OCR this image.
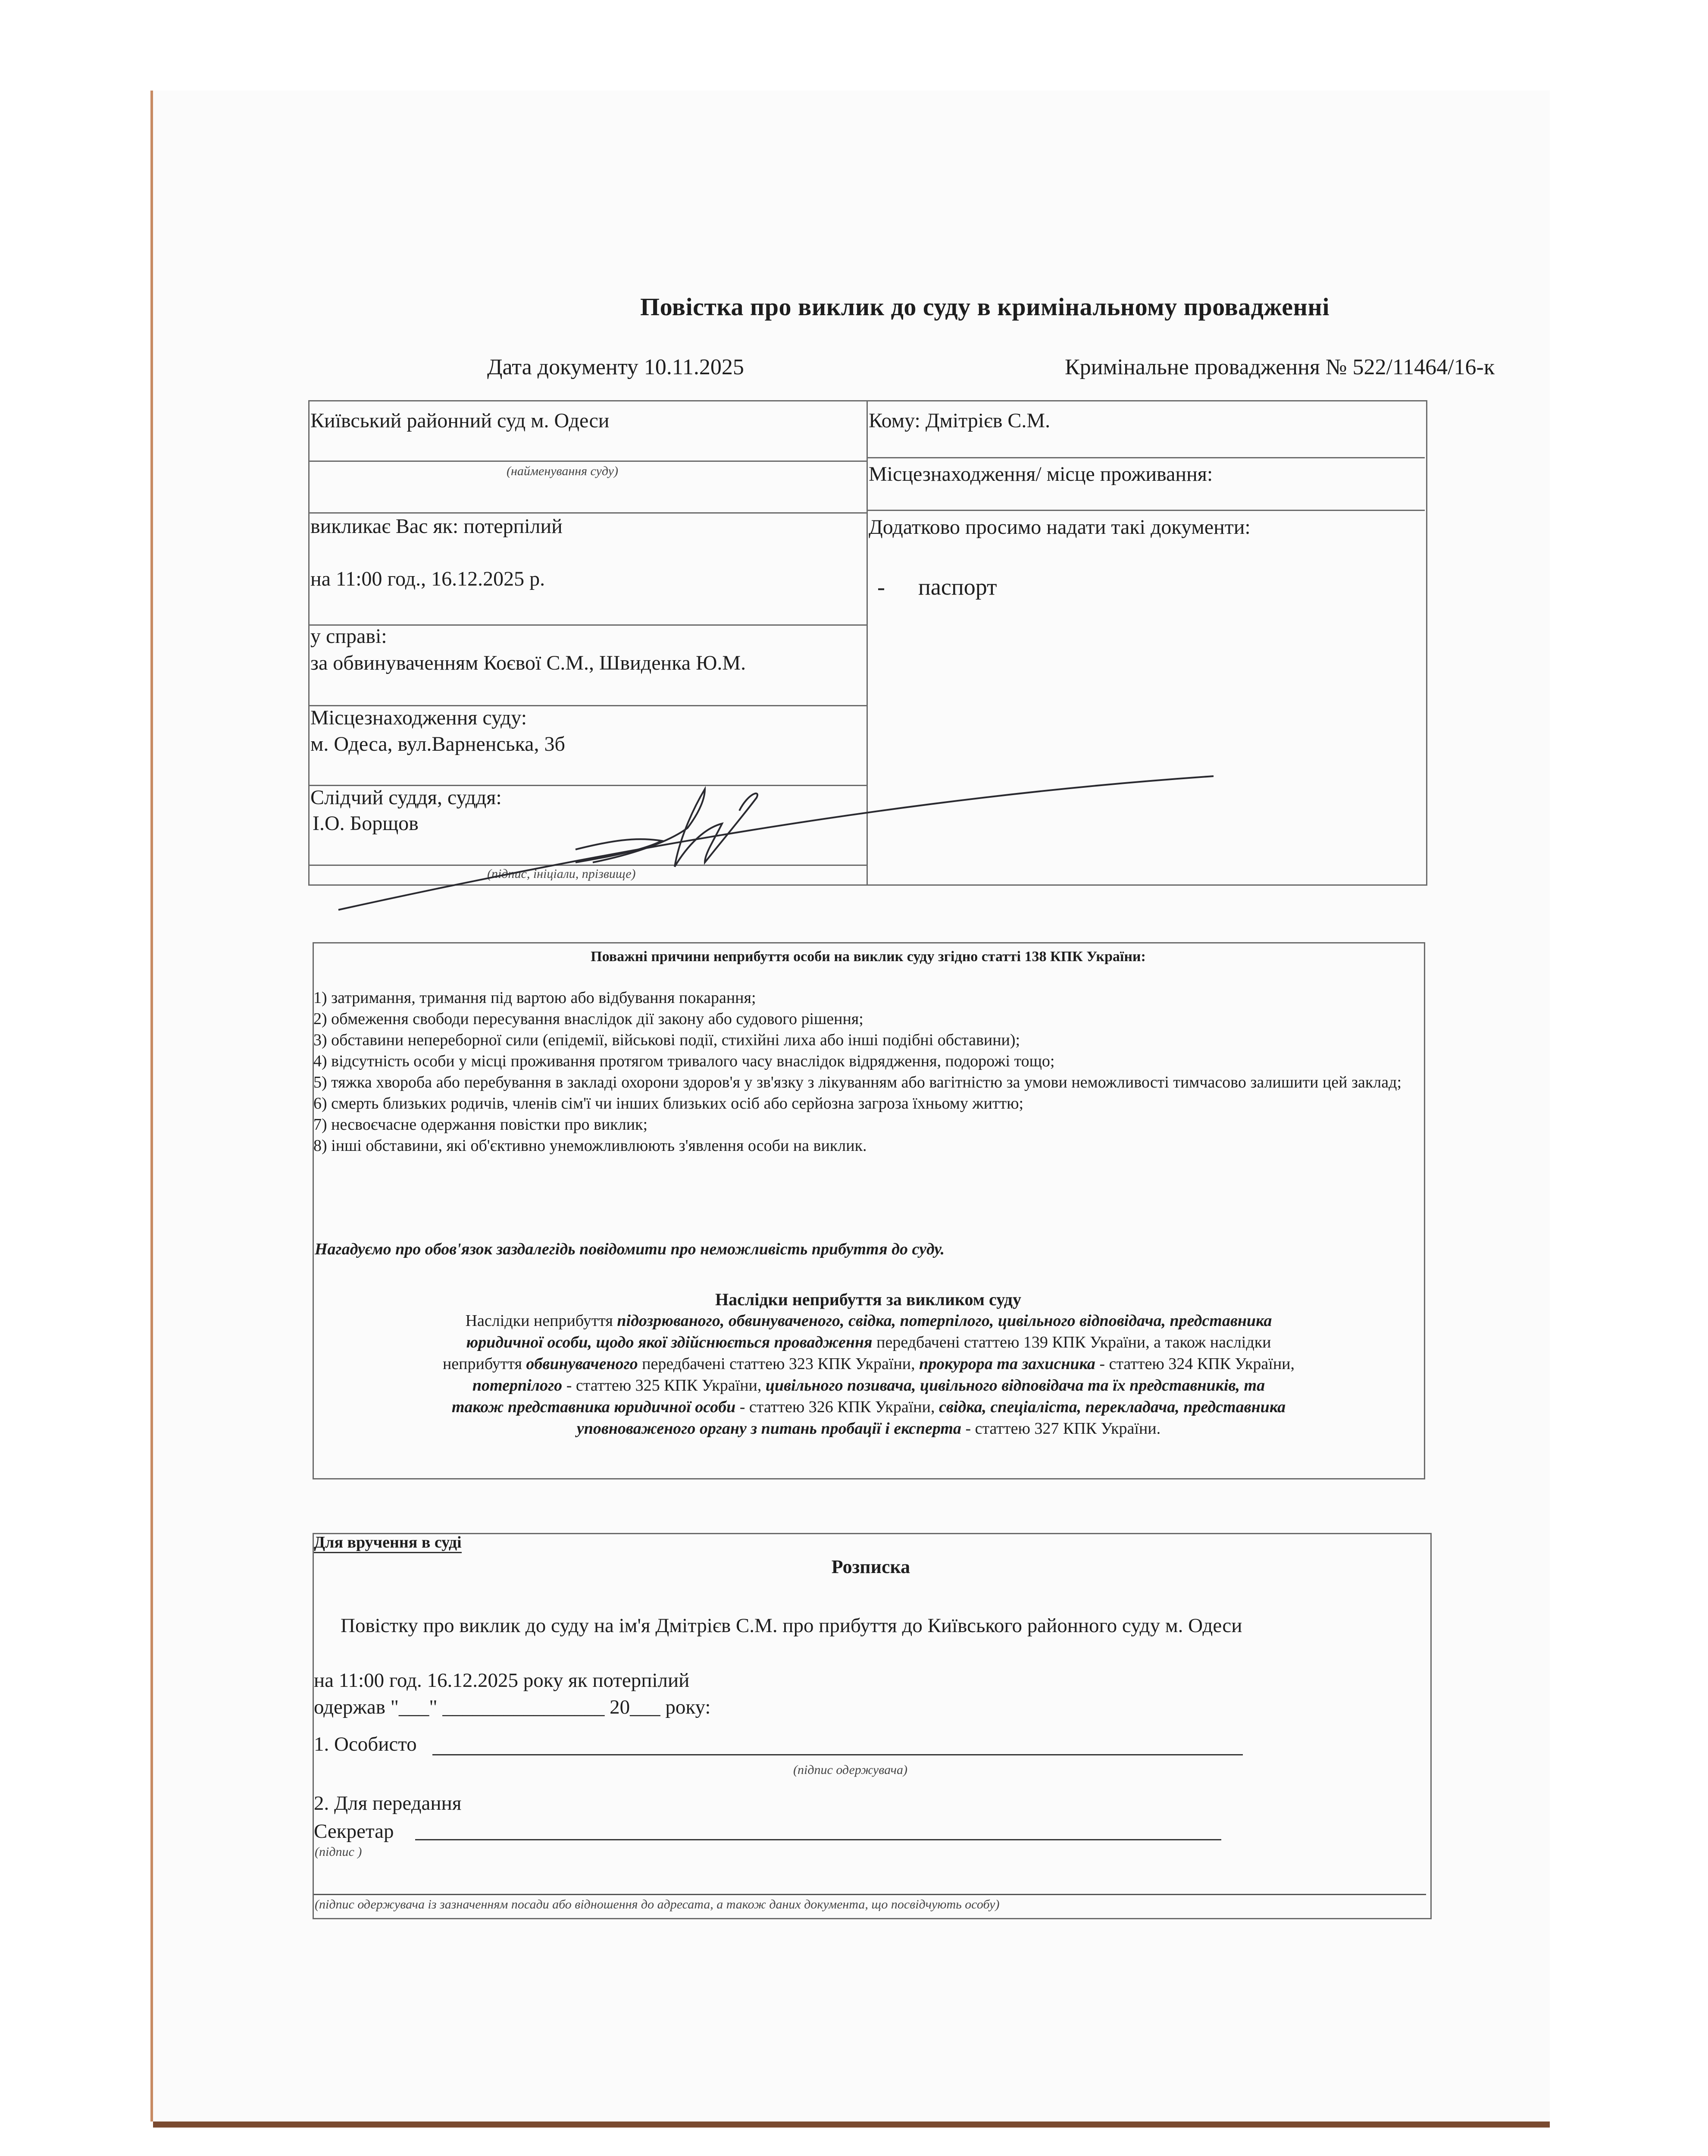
Повістка про виклик до суду в кримінальному провадженні
Дата документу 10.11.2025	Кримінальне провадження № 522/11464/16-к
Київський районний суд м. Одеси
(найменування суду)
викликає Вас як: потерпілий
на 11:00 год., 16.12.2025 р.
у справі:
за обвинуваченням Коєвої С.М., Швиденка Ю.М.
Місцезнаходження суду:
м. Одеса, вул.Варненська, 3б
Слідчий суддя, суддя:
І.О. Борщов
(підпис, ініціали, прізвище)
Кому: Дмітрієв С.М.
Місцезнаходження/ місце проживання:
Додатково просимо надати такі документи:
- паспорт
Поважні причини неприбуття особи на виклик суду згідно статті 138 КПК України:
1) затримання, тримання під вартою або відбування покарання;
2) обмеження свободи пересування внаслідок дії закону або судового рішення;
3) обставини непереборної сили (епідемії, військові події, стихійні лиха або інші подібні обставини);
4) відсутність особи у місці проживання протягом тривалого часу внаслідок відрядження, подорожі тощо;
5) тяжка хвороба або перебування в закладі охорони здоров'я у зв'язку з лікуванням або вагітністю за умови неможливості тимчасово залишити цей заклад;
6) смерть близьких родичів, членів сім'ї чи інших близьких осіб або серйозна загроза їхньому життю;
7) несвоєчасне одержання повістки про виклик;
8) інші обставини, які об'єктивно унеможливлюють з'явлення особи на виклик.
Нагадуємо про обов'язок заздалегідь повідомити про неможливість прибуття до суду.
Наслідки неприбуття за викликом суду
Наслідки неприбуття підозрюваного, обвинуваченого, свідка, потерпілого, цивільного відповідача, представника
юридичної особи, щодо якої здійснюється провадження передбачені статтею 139 КПК України, а також наслідки
неприбуття обвинуваченого передбачені статтею 323 КПК України, прокурора та захисника - статтею 324 КПК України,
потерпілого - статтею 325 КПК України, цивільного позивача, цивільного відповідача та їх представників, та
також представника юридичної особи - статтею 326 КПК України, свідка, спеціаліста, перекладача, представника
уповноваженого органу з питань пробації і експерта - статтею 327 КПК України.
Для вручення в суді
Розписка
Повістку про виклик до суду на ім'я Дмітрієв С.М. про прибуття до Київського районного суду м. Одеси
на 11:00 год. 16.12.2025 року як потерпілий
одержав "___" ________________ 20___ року:
1. Особисто
(підпис одержувача)
2. Для передання
Секретар
(підпис )
(підпис одержувача із зазначенням посади або відношення до адресата, а також даних документа, що посвідчують особу)
